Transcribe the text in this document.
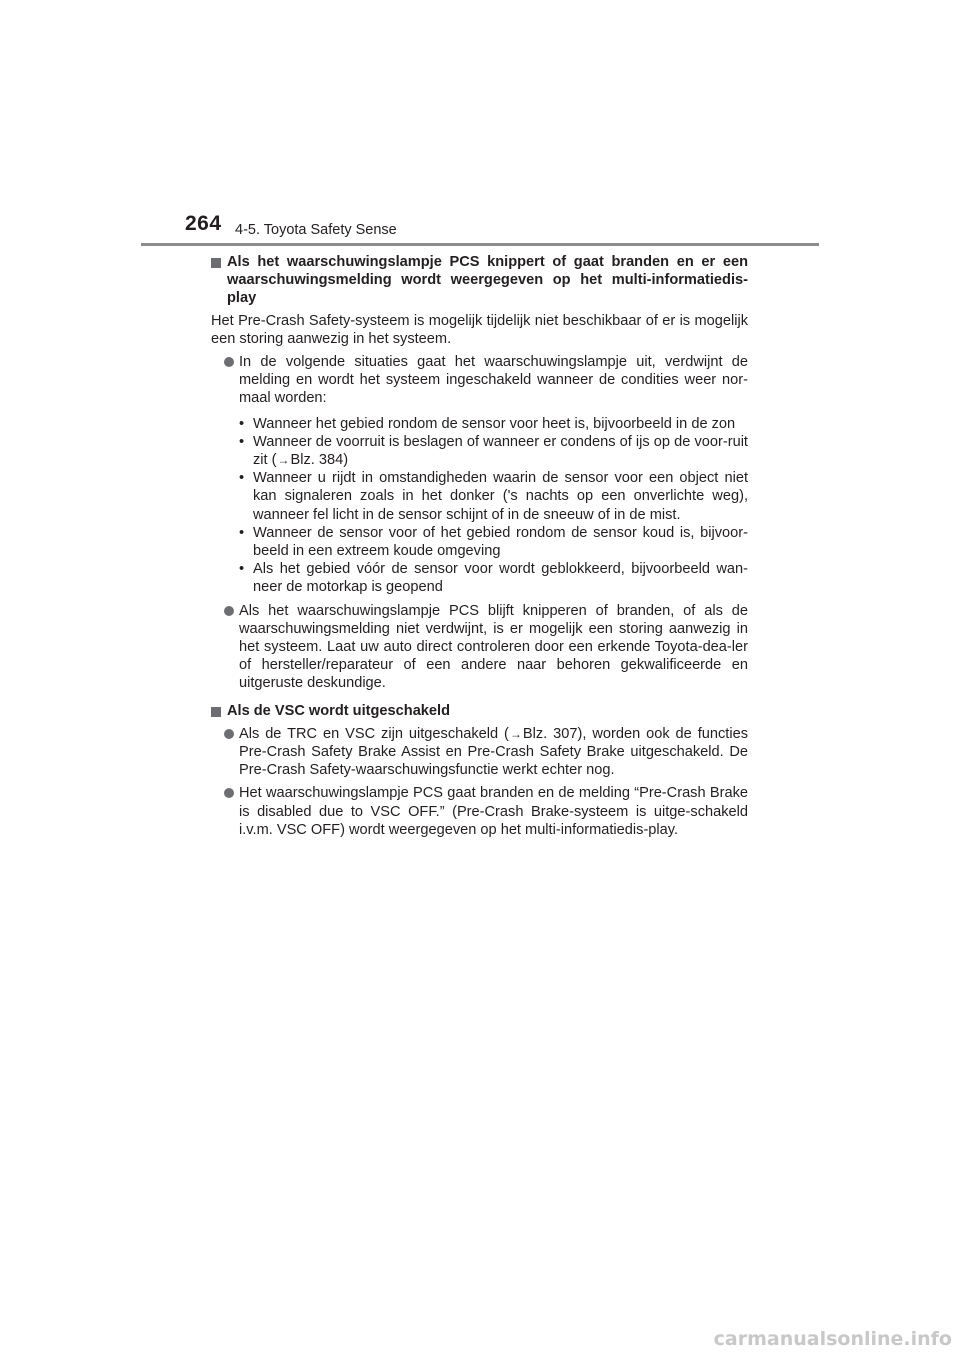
264 4-5. Toyota Safety Sense
Als het waarschuwingslampje PCS knippert of gaat branden en er een waarschuwingsmelding wordt weergegeven op het multi-informatiedis-play
Het Pre-Crash Safety-systeem is mogelijk tijdelijk niet beschikbaar of er is mogelijk een storing aanwezig in het systeem.
In de volgende situaties gaat het waarschuwingslampje uit, verdwijnt de melding en wordt het systeem ingeschakeld wanneer de condities weer nor-maal worden:
• Wanneer het gebied rondom de sensor voor heet is, bijvoorbeeld in de zon
• Wanneer de voorruit is beslagen of wanneer er condens of ijs op de voor-ruit zit (→Blz. 384)
• Wanneer u rijdt in omstandigheden waarin de sensor voor een object niet kan signaleren zoals in het donker ('s nachts op een onverlichte weg), wanneer fel licht in de sensor schijnt of in de sneeuw of in de mist.
• Wanneer de sensor voor of het gebied rondom de sensor koud is, bijvoor-beeld in een extreem koude omgeving
• Als het gebied vóór de sensor voor wordt geblokkeerd, bijvoorbeeld wan-neer de motorkap is geopend
Als het waarschuwingslampje PCS blijft knipperen of branden, of als de waarschuwingsmelding niet verdwijnt, is er mogelijk een storing aanwezig in het systeem. Laat uw auto direct controleren door een erkende Toyota-dea-ler of hersteller/reparateur of een andere naar behoren gekwalificeerde en uitgeruste deskundige.
Als de VSC wordt uitgeschakeld
Als de TRC en VSC zijn uitgeschakeld (→Blz. 307), worden ook de functies Pre-Crash Safety Brake Assist en Pre-Crash Safety Brake uitgeschakeld. De Pre-Crash Safety-waarschuwingsfunctie werkt echter nog.
Het waarschuwingslampje PCS gaat branden en de melding “Pre-Crash Brake is disabled due to VSC OFF.” (Pre-Crash Brake-systeem is uitge-schakeld i.v.m. VSC OFF) wordt weergegeven op het multi-informatiedis-play.
carmanualsonline.info
